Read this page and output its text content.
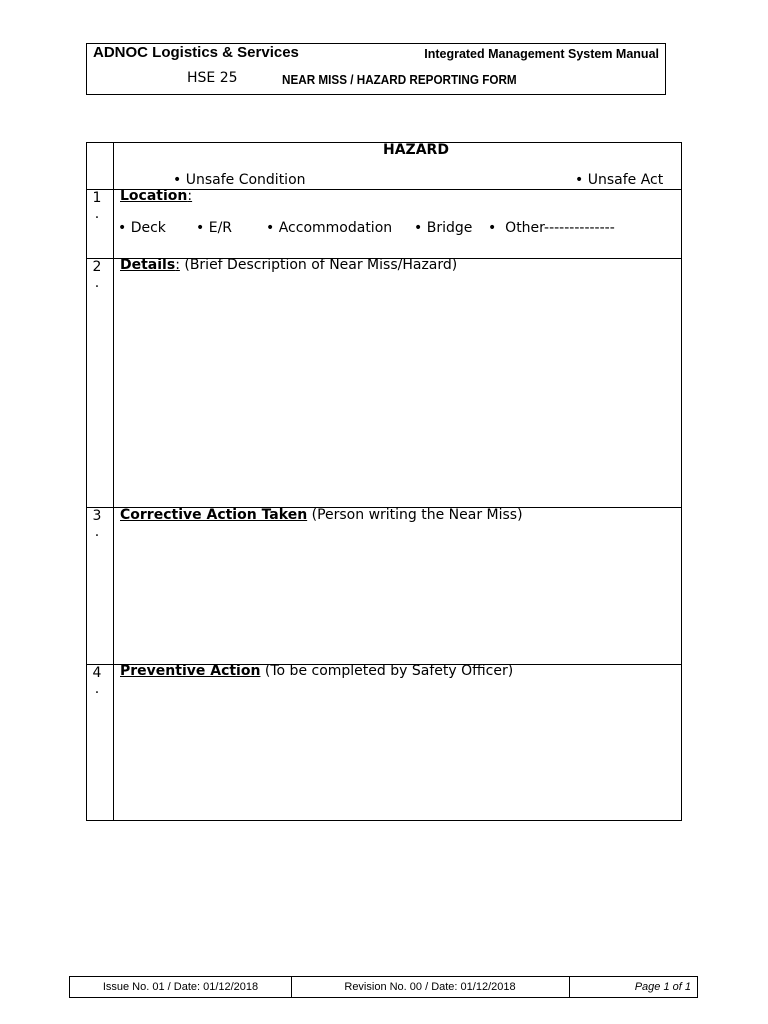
ADNOC Logistics & Services	Integrated Management System Manual
HSE 25	NEAR MISS / HAZARD REPORTING FORM
HAZARD
• Unsafe Condition	• Unsafe Act
1
.
Location:
• Deck • E/R • Accommodation • Bridge • Other--------------
2
.
Details: (Brief Description of Near Miss/Hazard)
3
.
Corrective Action Taken (Person writing the Near Miss)
4
.
Preventive Action (To be completed by Safety Officer)
Issue No. 01 / Date: 01/12/2018	Revision No. 00 / Date: 01/12/2018	Page 1 of 1
